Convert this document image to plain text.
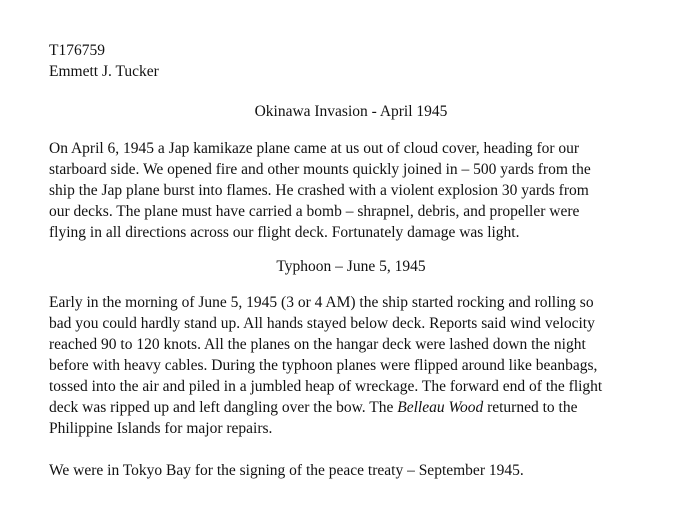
T176759
Emmett J. Tucker
Okinawa Invasion - April 1945
On April 6, 1945 a Jap kamikaze plane came at us out of cloud cover, heading for our
starboard side. We opened fire and other mounts quickly joined in – 500 yards from the
ship the Jap plane burst into flames. He crashed with a violent explosion 30 yards from
our decks. The plane must have carried a bomb – shrapnel, debris, and propeller were
flying in all directions across our flight deck. Fortunately damage was light.
Typhoon – June 5, 1945
Early in the morning of June 5, 1945 (3 or 4 AM) the ship started rocking and rolling so
bad you could hardly stand up. All hands stayed below deck. Reports said wind velocity
reached 90 to 120 knots. All the planes on the hangar deck were lashed down the night
before with heavy cables. During the typhoon planes were flipped around like beanbags,
tossed into the air and piled in a jumbled heap of wreckage. The forward end of the flight
deck was ripped up and left dangling over the bow. The Belleau Wood returned to the
Philippine Islands for major repairs.
We were in Tokyo Bay for the signing of the peace treaty – September 1945.
